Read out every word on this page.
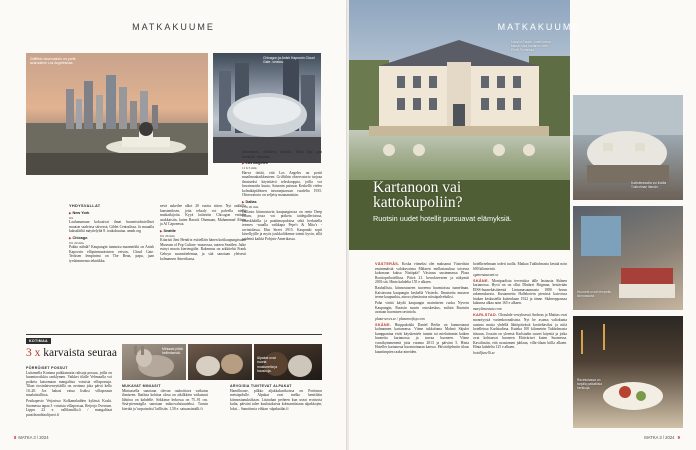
MATKAKUUME
Griffithin observatorio on portti avaruuteen Los Angelesissa.
Chicagon ja Anish Kapoorin Cloud Gate -veistos.
YHDYSVALLAT
▶New York
9 h

Laulumanuun kokoaivat ilmat huoneistohotelliset muuton saaleissa säivessä, Gildet Centralissa. Ja muualla kaksaläiltä mäyttelyltä 8. toukokuutaa. amnh.org

▶Chicago
9 h 20 min

Pakko nähdä? Kaupungin tunnustu maamerkki on Anish Kapoorin ellipsinmuotoinen veistos, Cloud Gate. Teoksen lempinimi on The Bean, papu, jaan tyrskimmensa tekniikka.

nevä aukeilee alkoi 20 vuotta sitten. Nyt ankkilla kansteniksen, jotta teksaly voi palvella niellä maikatkijoita. Kyyä laittaviin Chicagon entisiin asukkaisiin, kuten Barack Obamaan, Muhammad Aliota ja Al Caponesta.

▶Seattle
9 h 20 min

Kitaristi Jimi Hendrix esittelläin hänen kotikaupungissaan Museum of Pop Culture -museossa, uuteen Seattlen. Jatke esinyt muota kiertengälie. Rakennus on arkkitehti Frank Gehryn suunnittelemaa, ja sitä sanotaan yleisesti kolmansen Amerikassa.

katsomassa, elelisivat mobiili. Talon läpi ajaa monorail -junarata.

▶Los Angeles
11 h 5 min

Harva tietää, että Los Angeles on portti maailmankaikkeuteen. Griffithin observatorio tarjoaa ilmaiseksi käytettävä teleskooppia, joilla voi havainnoida kuuta, Saturnin paisson Keskellä vielen kolmikäpälöinen taivaanjuoruun vuodelta 1935. Observatorio on seljetty maanantaisin.

▶Dallas
13 h 40 min

Dallasin kiinnostavin kaupunginosa on rento Deep Ellum, jossa voi poiketa taidegallerioissa, bluesklubilla ja paattimopubissa sekä herkutella texmex -ruualla vaikkapa Pepe's & Mito's -ravintolassa. Elm Street 2915. Kaupunki sopii kävellyjille ja myös joukkoliikenne toimii hyvin, sillä raideinä kaikki Pohjois-Amerikassa.

KOTIMAA
3 x karvaista seuraa
PÖRRÖISET POSSUT

Luttamella Komma paikkamutta ralisuja possua, joilla on huomioroikkia ranklymen. Vaikkei tilalle Vehmaalla voi poiketa katsomaan mangalitsa -rotuisia villapossuja. Tilaat rtosinlatvenvyttäillä on avoinna joka päivä kello 10–20. Jos hahasi vatua lisäksi villapossun maalaistallissa.

Posthapesto Vetjarissa Kolkannladden kylässä Koski. Suomessa tapaa 3 -rotuista villapossua, Reijerja Overrum. Lippu 22 e. vallilamilla.fi / mangalitsat puotileanditzoltjueri.fi

Miniaasi pitää hellimisestä.
Alpakat ovat nuoria mustuneita ja hauskoja.
MUKAVAT MINIASIT

Miniaasella sanotaan olevan rauhoittava vaikutus ihmiseen. Ihailuta kohtiaa olosa on aikilkkien vaikutusti lähtöoa on kahdelle. Sökkinse lerkossa on 75–91 cm. Sisä-piennoiglla sanotaan mikrovalaisuuteksi. Tuosin kiertää ja 'turpatuoksi' laillisiin. 1,50 e. satuaasintalli.fi

ARVOISIA TUNTEVAT ALPAKAT

Hamilhouse, pilkko aljakkakurikoissa on Portimon metsäpolulle. Alpakat ovat melko kenttiläin kiinnostanuksiltaan. Lisärahan perheen kun useat erottuvia kulta, päiväni tulee kuulutuksista kolmantiisiaan alpakkojen, loksi... Sanottimia vihkan -alpakatilat.fi

8 MATKA 3 / 2024
Marylin Estate -hotelli ottaa kaksin sisä-kartanohotelli Etelä-Ruotsissa.
MATKAKUUME
Kartanoon vai
kattokupoliin?
Ruotsin uudet hotellit pursuavat elämyksiä.
Kattoterassilla voi ihailla Tukholman iltaväri.
Huoneet ovat hempeän kiinnostavia.
Ravintolassa on tarjolla paikallisia herkkuja.

VÄSTERÅS. Koska viimeksi olet maksanut Västeråsin ensimmäistä valokuvainsa Mälaren mellastasuhuu toisessa kokonaan kuksa Nistäpää? Väsiraus uusimmassa Plaza Roottoprihotellissa. Päivä 21. kerrokseeseen ja näkymät 2001:stä. Hinta kahdelta 155 e alkaen.

Rauhallista, kiinnostuseen tuoreena huomioissa tunnelman. Kaistavana kaupungin keskellä Västerås. Ilmaisettu museon terme kaupunkia, ainoa ryhmäratoa niissäpalveluiksi.

Paha värttä käydä kaupungin mainitseen ruoka Nyvern Kaupungin, Ruotsin suurin ostoskeskus, miloin Ruotsiin avataan huomisen ravintola.

plaza-seves.se / plazarooftop.com

SKÅNE. Huippukokki Daniel Berlin on kunnostanut kolmannen kartanonsa. Viime tukkoloma Malmö Skjulet kumppanina eivät käyskentele tunnin tai mieluimmin kaiken huoneita kartanossa ja turvaa huoneen. Viime vuosikymmenenä joita vuonna 2013 ja päiväni 5. Hinta Hoteller kartanosta huomioimaan kanssa. Päiväohjelmiin tilaus kauniimpien raaka-aineiden.

hotellirnelmaan todeti tuolla. Matkaa Tukholmasta kestää noin 600 kilometriä.

cgmrestaurant.se

SKÅNE. Monipuolista tervetuloa tälle lastausta Skånen kartanossa. Hyvä on on ollut Dhahrei Brigman, kestävään EISS-huonekäsitteestä Lintumasuunnasta 1880 -luvun rakennuksesta. Kustannettu Hallekotein pienissä kaivoissa hiukan keskustella kuitenkaan 1922 ja tänne. Skåneoppaassa kakunsa alkaa noin 165 e alkaen.

marylinsestate.com

KARLSTAD. Olosuhde vestyksessä Andreas ja Mattias ovat monotyystä vartenkoonalisista. Nyt he asunsa valiokunta uusinta mutta yhdellä lähtöpäivästä kortteltaviksi ja niitä hotelleissa Karlstadissa. Kuinka 100 kilometrin Tukholmasta itäsuun, Jossain on yleensä Karlstadin suuret käyntiä ja jotka ovat kohtaavat huoneen Ehtiväriset kuten Suomessa. Kavaliasiin, että noustamen juhlaan, villa-tilaan hiilla alkaen. Hinta kahdelta 125 e alkaen.

hotelljunelli.se

MATKA 3 / 2024 9
